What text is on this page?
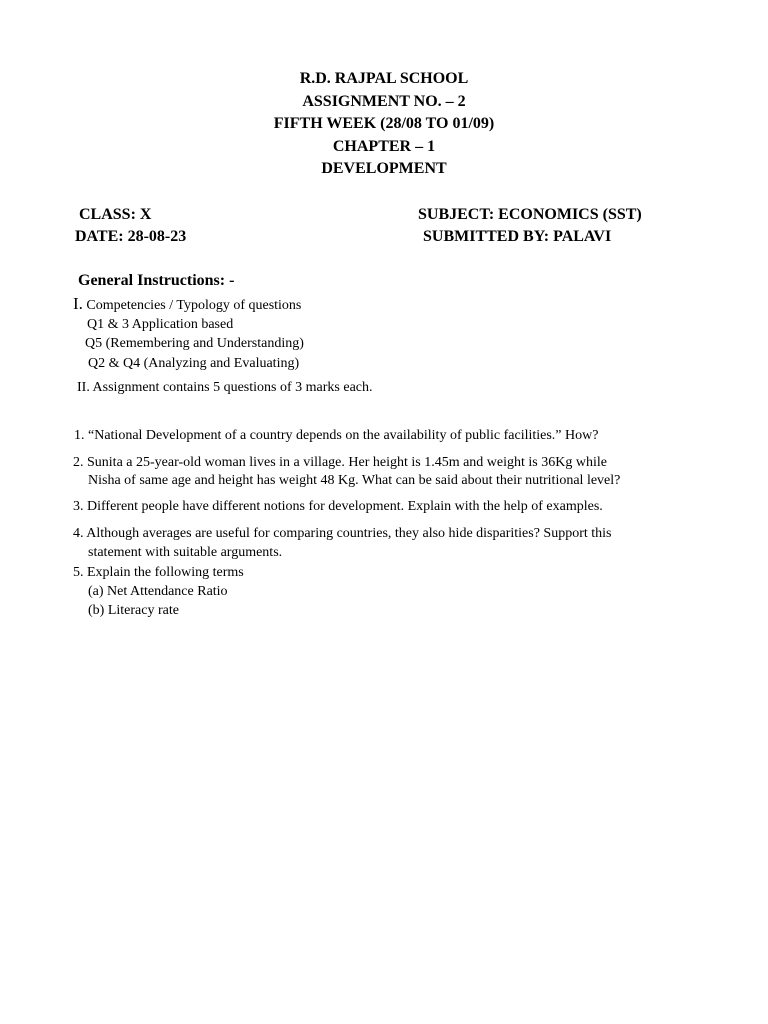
R.D. RAJPAL SCHOOL
ASSIGNMENT NO. – 2
FIFTH WEEK (28/08 TO 01/09)
CHAPTER – 1
DEVELOPMENT
CLASS: X	SUBJECT: ECONOMICS (SST)
DATE: 28-08-23	SUBMITTED BY: PALAVI
General Instructions: -
I. Competencies / Typology of questions
Q1 & 3 Application based
Q5 (Remembering and Understanding)
Q2 & Q4 (Analyzing and Evaluating)
II. Assignment contains 5 questions of 3 marks each.
1. “National Development of a country depends on the availability of public facilities.” How?
2. Sunita a 25-year-old woman lives in a village. Her height is 1.45m and weight is 36Kg while
Nisha of same age and height has weight 48 Kg. What can be said about their nutritional level?
3. Different people have different notions for development. Explain with the help of examples.
4. Although averages are useful for comparing countries, they also hide disparities? Support this
statement with suitable arguments.
5. Explain the following terms
(a) Net Attendance Ratio
(b) Literacy rate
